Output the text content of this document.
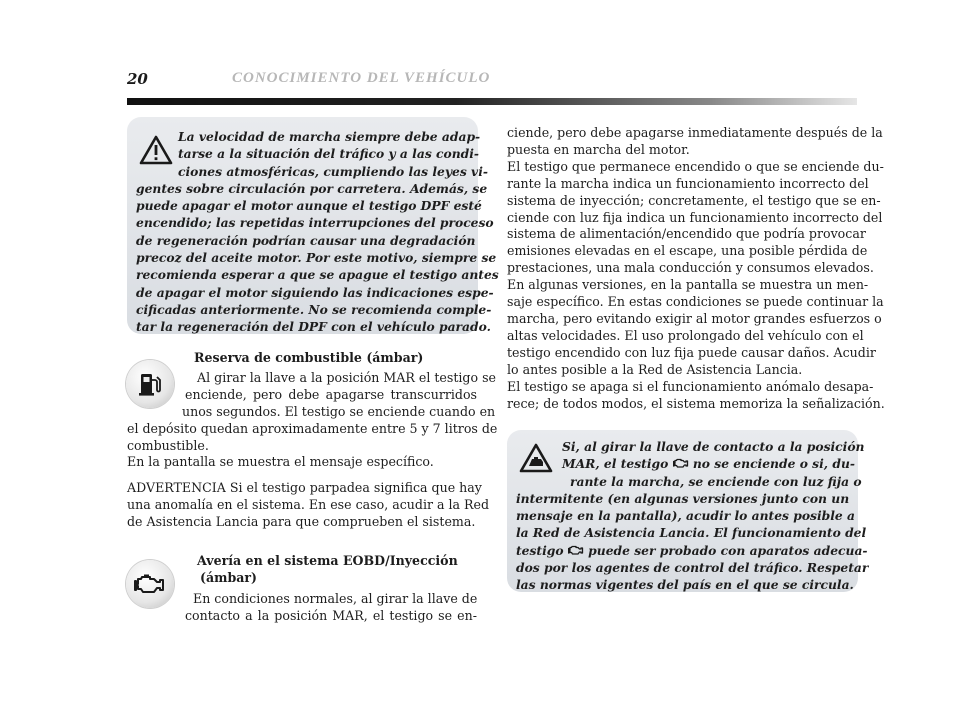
20	CONOCIMIENTO DEL VEHÍCULO
La velocidad de marcha siempre debe adap-
tarse a la situación del tráfico y a las condi-
ciones atmosféricas, cumpliendo las leyes vi-
gentes sobre circulación por carretera. Además, se
puede apagar el motor aunque el testigo DPF esté
encendido; las repetidas interrupciones del proceso
de regeneración podrían causar una degradación
precoz del aceite motor. Por este motivo, siempre se
recomienda esperar a que se apague el testigo antes
de apagar el motor siguiendo las indicaciones espe-
cificadas anteriormente. No se recomienda comple-
tar la regeneración del DPF con el vehículo parado.
Reserva de combustible (ámbar)
Al girar la llave a la posición MAR el testigo se
enciende, pero debe apagarse transcurridos
unos segundos. El testigo se enciende cuando en
el depósito quedan aproximadamente entre 5 y 7 litros de
combustible.
En la pantalla se muestra el mensaje específico.
ADVERTENCIA Si el testigo parpadea significa que hay
una anomalía en el sistema. En ese caso, acudir a la Red
de Asistencia Lancia para que comprueben el sistema.
Avería en el sistema EOBD/Inyección
(ámbar)
En condiciones normales, al girar la llave de
contacto a la posición MAR, el testigo se en-
ciende, pero debe apagarse inmediatamente después de la
puesta en marcha del motor.
El testigo que permanece encendido o que se enciende du-
rante la marcha indica un funcionamiento incorrecto del
sistema de inyección; concretamente, el testigo que se en-
ciende con luz fija indica un funcionamiento incorrecto del
sistema de alimentación/encendido que podría provocar
emisiones elevadas en el escape, una posible pérdida de
prestaciones, una mala conducción y consumos elevados.
En algunas versiones, en la pantalla se muestra un men-
saje específico. En estas condiciones se puede continuar la
marcha, pero evitando exigir al motor grandes esfuerzos o
altas velocidades. El uso prolongado del vehículo con el
testigo encendido con luz fija puede causar daños. Acudir
lo antes posible a la Red de Asistencia Lancia.
El testigo se apaga si el funcionamiento anómalo desapa-
rece; de todos modos, el sistema memoriza la señalización.
Si, al girar la llave de contacto a la posición
MAR, el testigo no se enciende o si, du-
rante la marcha, se enciende con luz fija o
intermitente (en algunas versiones junto con un
mensaje en la pantalla), acudir lo antes posible a
la Red de Asistencia Lancia. El funcionamiento del
testigo puede ser probado con aparatos adecua-
dos por los agentes de control del tráfico. Respetar
las normas vigentes del país en el que se circula.
